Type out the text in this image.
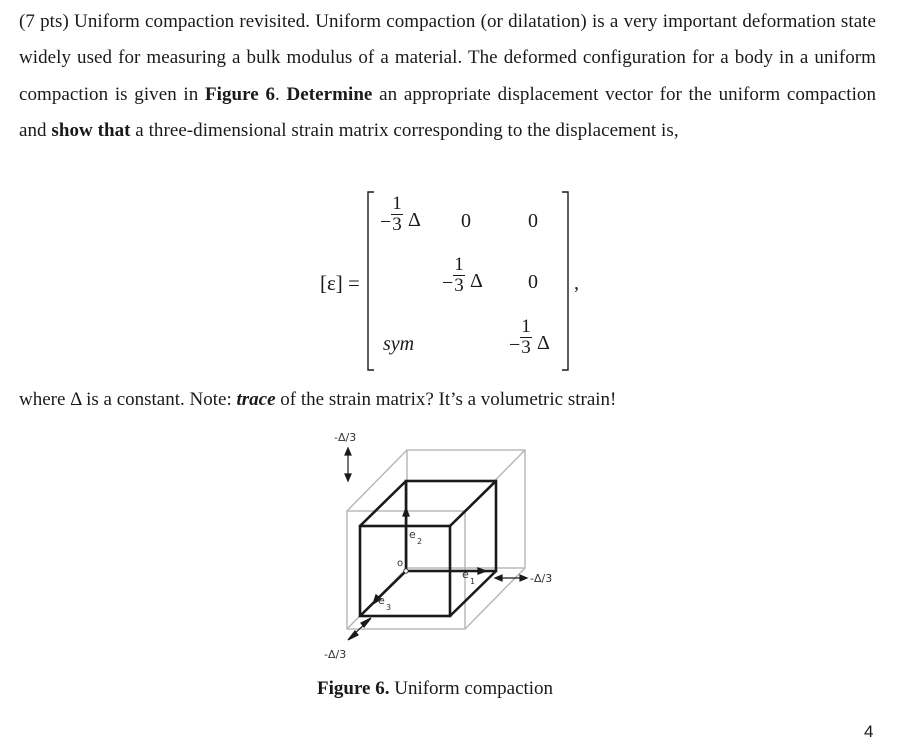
(7 pts) Uniform compaction revisited. Uniform compaction (or dilatation) is a very important deformation state widely used for measuring a bulk modulus of a material. The deformed configuration for a body in a uniform compaction is given in Figure 6. Determine an appropriate displacement vector for the uniform compaction and show that a three-dimensional strain matrix corresponding to the displacement is,
[ε] =
−
1
3 Δ 0	0
−
1
3 Δ 0
sym	−
1
3 Δ
,
where Δ is a constant. Note: trace of the strain matrix? It’s a volumetric strain!
o
e
2
e
1
e
3
-Δ/3
-Δ/3
-Δ/3
Figure 6. Uniform compaction
4
